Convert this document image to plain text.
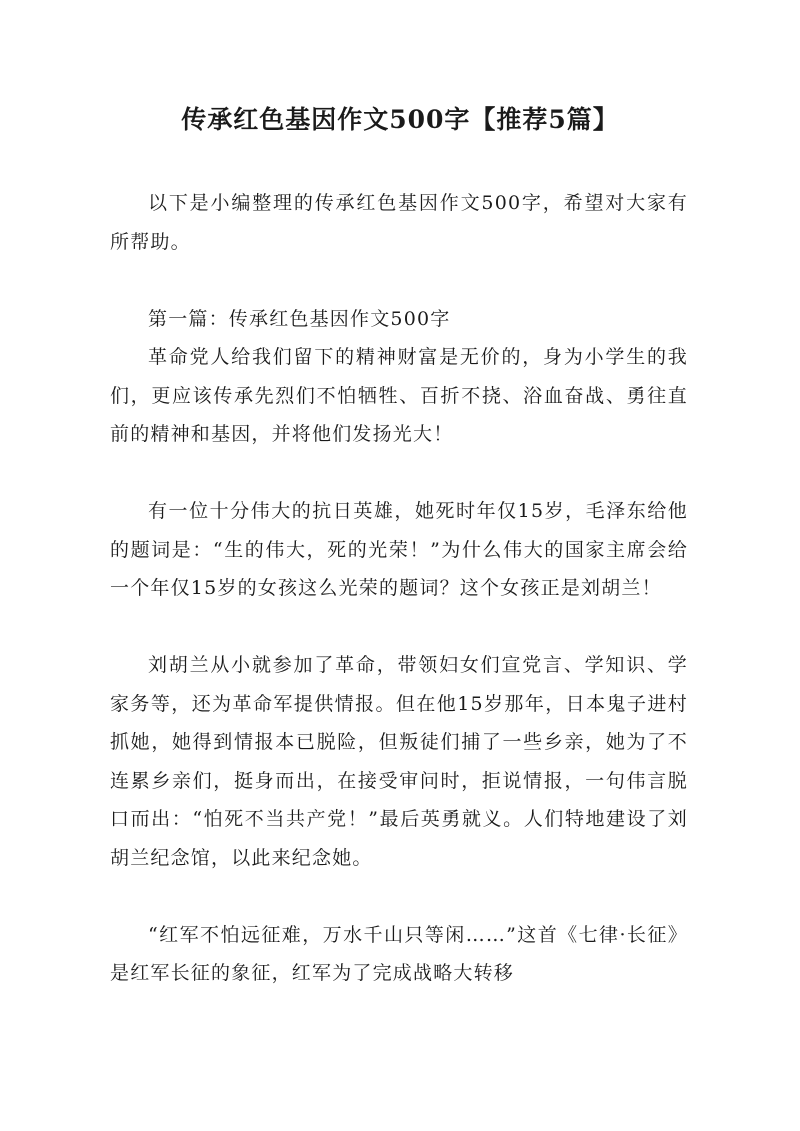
传承红色基因作文500字【推荐5篇】

以下是小编整理的传承红色基因作文500字，希望对大家有所帮助。

第一篇：传承红色基因作文500字

革命党人给我们留下的精神财富是无价的，身为小学生的我们，更应该传承先烈们不怕牺牲、百折不挠、浴血奋战、勇往直前的精神和基因，并将他们发扬光大！

有一位十分伟大的抗日英雄，她死时年仅15岁，毛泽东给他的题词是：“生的伟大，死的光荣！”为什么伟大的国家主席会给一个年仅15岁的女孩这么光荣的题词？这个女孩正是刘胡兰！

刘胡兰从小就参加了革命，带领妇女们宣党言、学知识、学家务等，还为革命军提供情报。但在他15岁那年，日本鬼子进村抓她，她得到情报本已脱险，但叛徒们捕了一些乡亲，她为了不连累乡亲们，挺身而出，在接受审问时，拒说情报，一句伟言脱口而出：“怕死不当共产党！”最后英勇就义。人们特地建设了刘胡兰纪念馆，以此来纪念她。

“红军不怕远征难，万水千山只等闲……”这首《七律·长征》是红军长征的象征，红军为了完成战略大转移
